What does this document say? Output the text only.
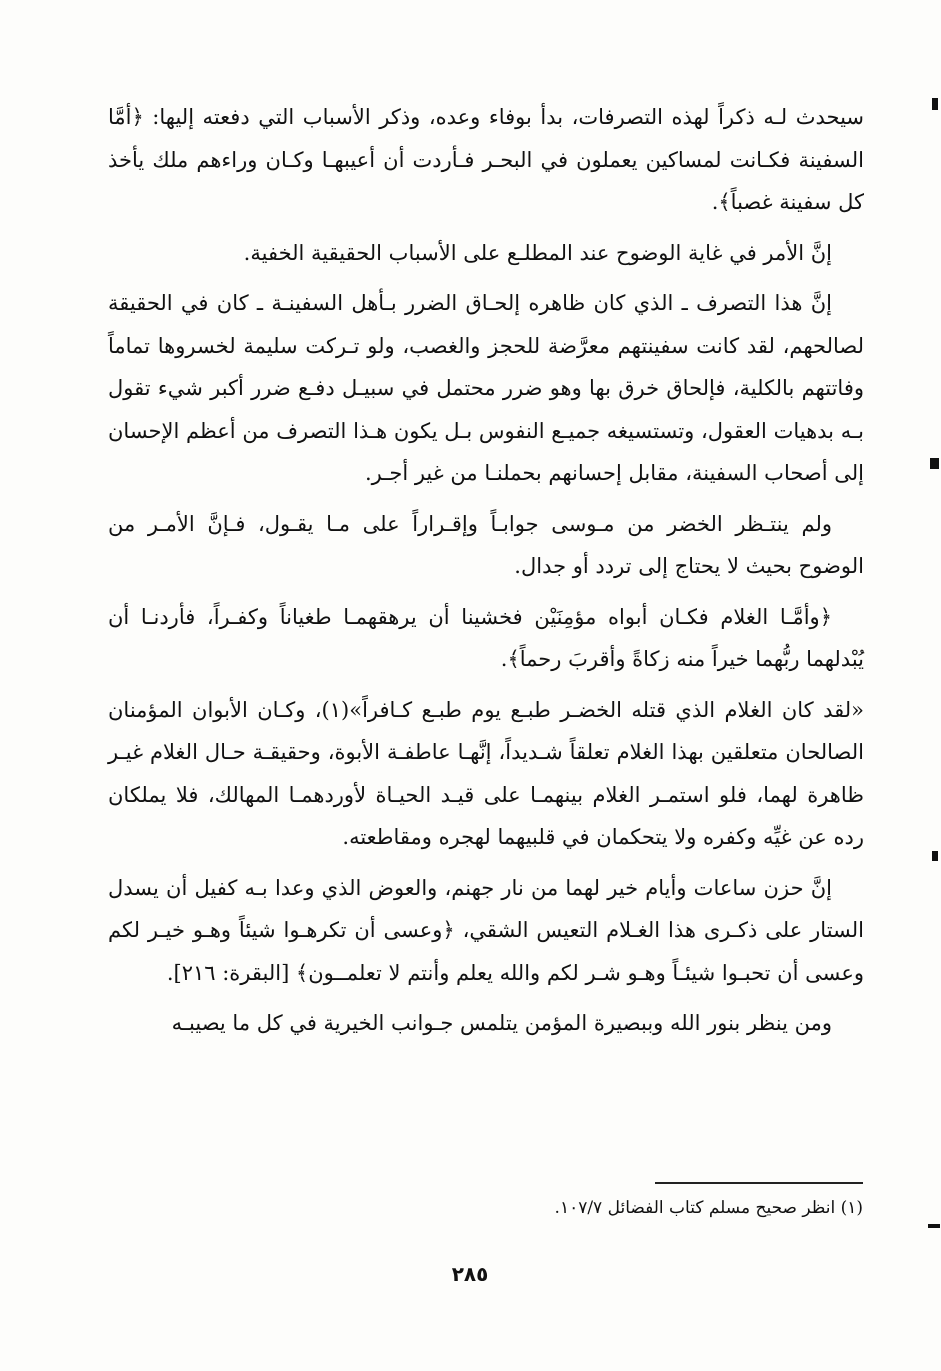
سيحدث لـه ذكراً لهذه التصرفات، بدأ بوفاء وعده، وذكر الأسباب التي دفعته إليها: ﴿أمَّا السفينة فكـانت لمساكين يعملون في البحـر فـأردت أن أعيبهـا وكـان وراءهم ملك يأخذ كل سفينة غصباً﴾.

إنَّ الأمر في غاية الوضوح عند المطلـع على الأسباب الحقيقية الخفية.

إنَّ هذا التصرف ـ الذي كان ظاهره إلحـاق الضرر بـأهل السفينـة ـ كان في الحقيقة لصالحهم، لقد كانت سفينتهم معرَّضة للحجز والغصب، ولو تـركت سليمة لخسروها تماماً وفاتتهم بالكلية، فإلحاق خرق بها وهو ضرر محتمل في سبيـل دفـع ضرر أكبر شيء تقول بـه بدهيات العقول، وتستسيغه جميـع النفوس بـل يكون هـذا التصرف من أعظم الإحسان إلى أصحاب السفينة، مقابل إحسانهم بحملنـا من غير أجـر.

ولم ينتـظر الخضر من مـوسى جوابـاً وإقـراراً على مـا يقـول، فـإنَّ الأمـر من الوضوح بحيث لا يحتاج إلى تردد أو جدال.

﴿وأمَّـا الغلام فكـان أبواه مؤمِنَيْن فخشينا أن يرهقهمـا طغياناً وكفـراً، فأردنـا أن يُبْدلهما ربُّهما خيراً منه زكاةً وأقربَ رحماً﴾.

«لقد كان الغلام الذي قتله الخضـر طبـع يوم طبـع كـافراً»(١)، وكـان الأبوان المؤمنان الصالحان متعلقين بهذا الغلام تعلقاً شـديداً، إنَّهـا عاطفـة الأبوة، وحقيقـة حـال الغلام غيـر ظاهرة لهما، فلو استمـر الغلام بينهمـا على قيـد الحيـاة لأوردهمـا المهالك، فلا يملكان رده عن غيِّه وكفره ولا يتحكمان في قلبيهما لهجره ومقاطعته.

إنَّ حزن ساعات وأيام خير لهما من نار جهنم، والعوض الذي وعدا بـه كفيل أن يسدل الستار على ذكـرى هذا الغـلام التعيس الشقي، ﴿وعسى أن تكرهـوا شيئاً وهـو خيـر لكم وعسى أن تحبـوا شيئـاً وهـو شـر لكم والله يعلم وأنتم لا تعلمــون﴾ [البقرة: ٢١٦].

ومن ينظر بنور الله وببصيرة المؤمن يتلمس جـوانب الخيرية في كل ما يصيبـه

(١) انظر صحيح مسلم كتاب الفضائل ١٠٧/٧.
٢٨٥
